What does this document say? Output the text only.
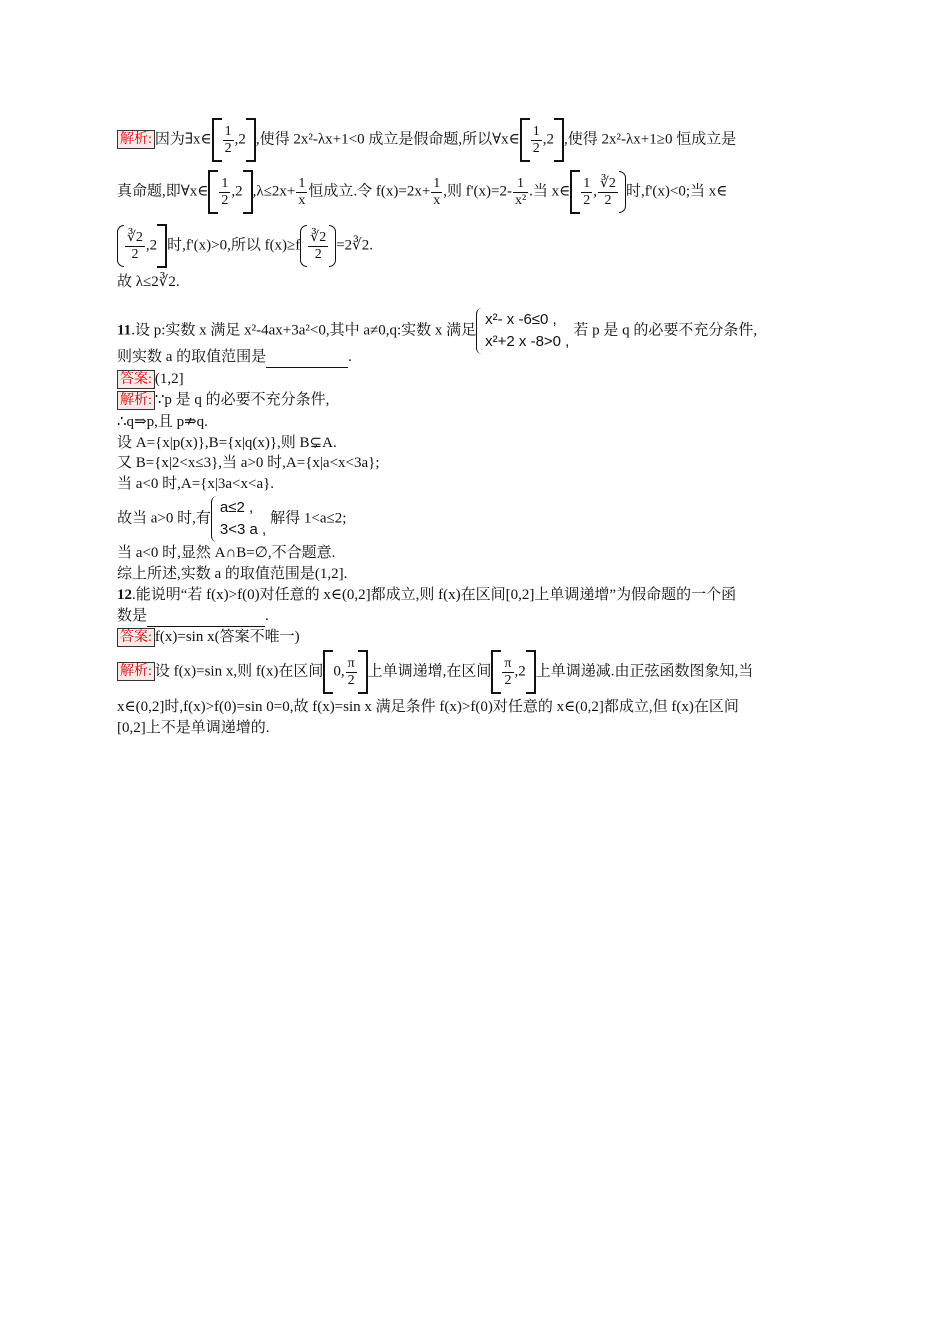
解析: 因为∃x∈ $\frac{1}{2} ,2$ ,使得 2x²-λx+1<0 成立是假命题,所以∀x∈ $\frac{1}{2} ,2$ ,使得 2x²-λx+1≥0 恒成立是
真命题,即∀x∈ $\frac{1}{2} ,2$ $,\lambda\le 2x+ \frac{1}{x}$ 恒成立.令 $f(x)=2x+ \frac{1}{x}$ ,则 $f'(x)=2- \frac{1}{\text{x²}}$ .当 x∈ $\frac{1}{2}$ , $\frac{∛2}{2}$ 时,f'(x)<0;当 x∈
$\frac{∛2}{2} ,2$ 时,f'(x)>0,所以 $f(x)\ge f \frac{∛2}{2}$ =2∛2.
故 λ≤2∛2.
11.设 p:实数 x 满足 x²-4ax+3a²<0,其中 a≠0,q:实数 x 满足
x²- x -6≤0 ,
x²+2 x -8>0 ,
若 p 是 q 的必要不充分条件,
则实数 a 的取值范围是	.
答案: (1,2]
解析: ∵p 是 q 的必要不充分条件,
∴q⇒p,且 p⇏q.
设 A={x|p(x)},B={x|q(x)},则 B⊊A.
又 B={x|2<x≤3},当 a>0 时,A={x|a<x<3a};
当 a<0 时,A={x|3a<x<a}.
故当 a>0 时,有
a≤2 ,
3<3 a ,
解得 1<a≤2;
当 a<0 时,显然 A∩B=∅,不合题意.
综上所述,实数 a 的取值范围是(1,2].
12.能说明“若 f(x)>f(0)对任意的 x∈(0,2]都成立,则 f(x)在区间[0,2]上单调递增”为假命题的一个函
数是	.
答案: f(x)=sin x(答案不唯一)
解析: 设 f(x)=sin x,则 f(x)在区间 0, $\frac{\pi}{2}$ 上单调递增,在区间 $\frac{\pi}{2} ,2$ 上单调递减.由正弦函数图象知,当
x∈(0,2]时,f(x)>f(0)=sin 0=0,故 f(x)=sin x 满足条件 f(x)>f(0)对任意的 x∈(0,2]都成立,但 f(x)在区间
[0,2]上不是单调递增的.
